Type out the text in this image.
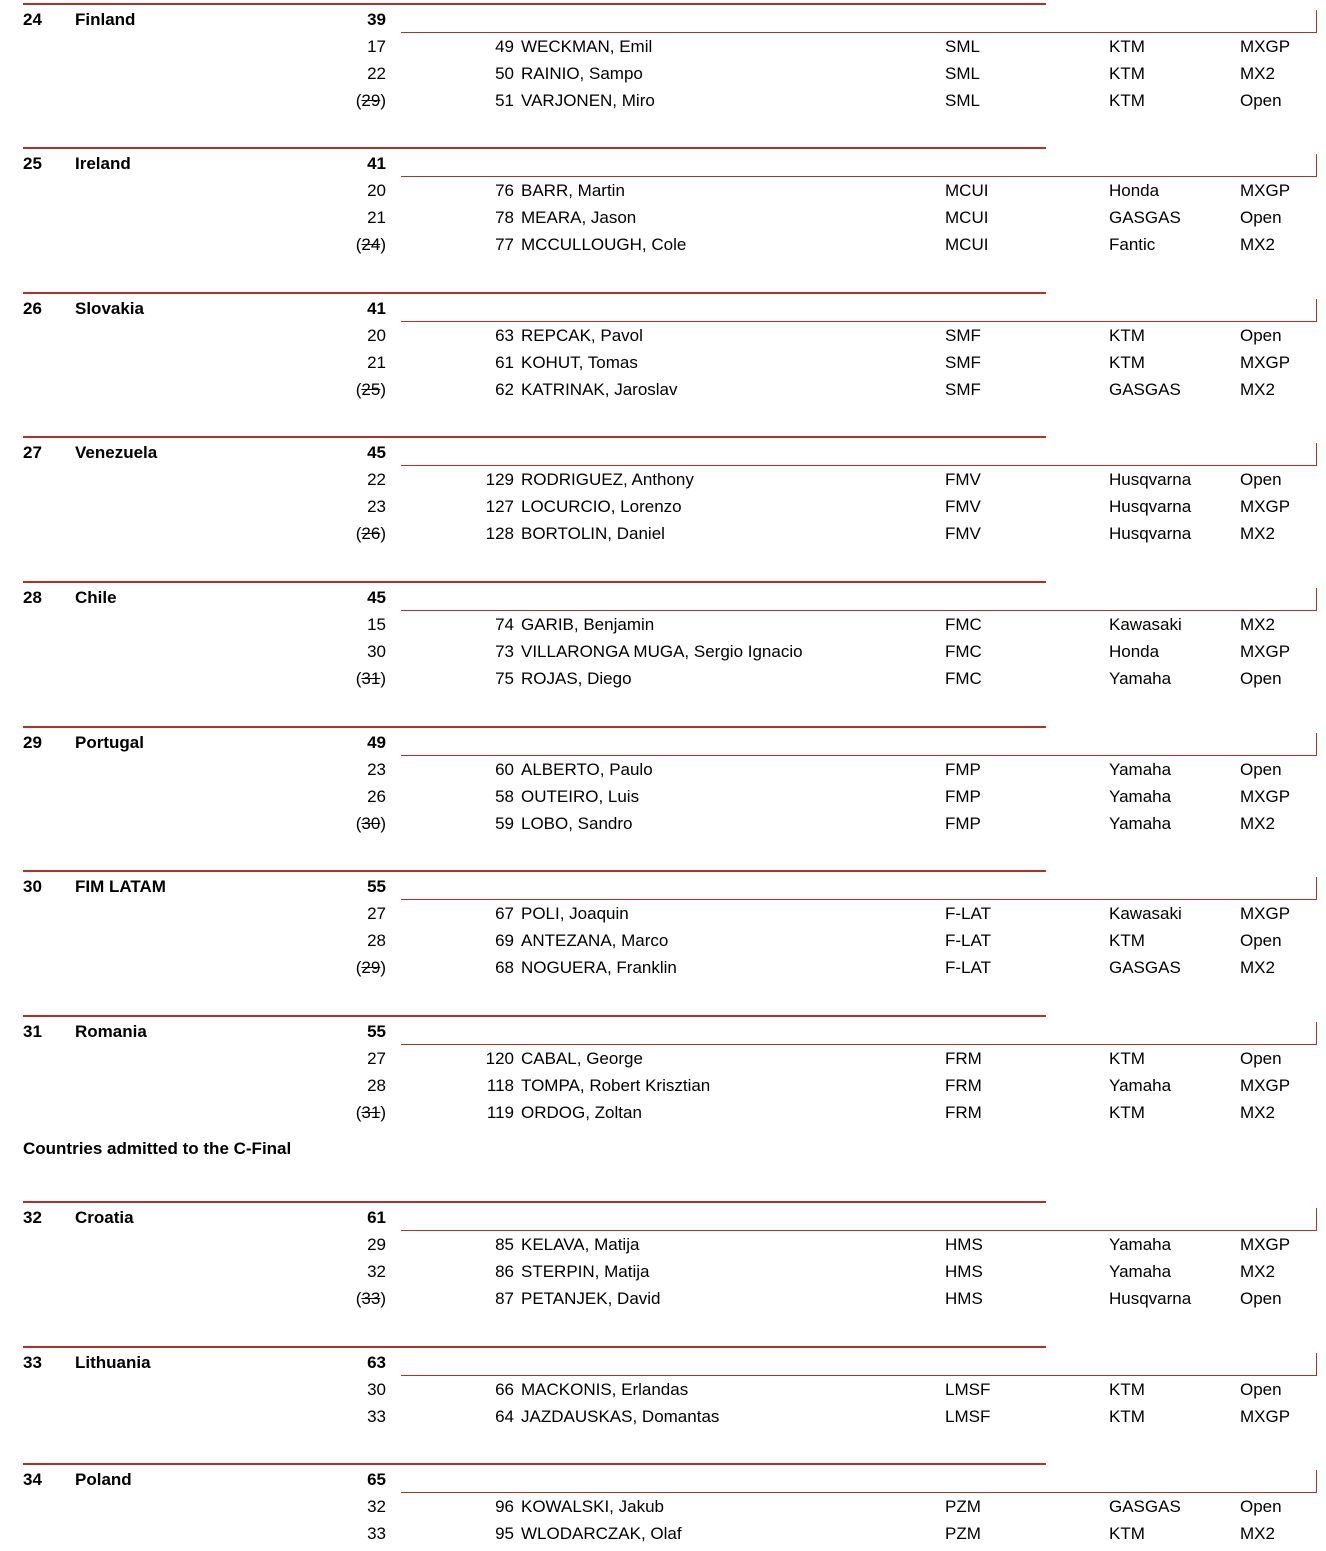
24 Finland	39
17	49 WECKMAN, Emil	SML	KTM	MXGP
22	50 RAINIO, Sampo	SML	KTM	MX2
(29)	51 VARJONEN, Miro	SML	KTM	Open
25 Ireland	41
20	76 BARR, Martin	MCUI	Honda	MXGP
21	78 MEARA, Jason	MCUI	GASGAS	Open
(24)	77 MCCULLOUGH, Cole	MCUI	Fantic	MX2
26 Slovakia	41
20	63 REPCAK, Pavol	SMF	KTM	Open
21	61 KOHUT, Tomas	SMF	KTM	MXGP
(25)	62 KATRINAK, Jaroslav	SMF	GASGAS	MX2
27 Venezuela	45
22	129 RODRIGUEZ, Anthony	FMV	Husqvarna	Open
23	127 LOCURCIO, Lorenzo	FMV	Husqvarna	MXGP
(26)	128 BORTOLIN, Daniel	FMV	Husqvarna	MX2
28 Chile	45
15	74 GARIB, Benjamin	FMC	Kawasaki	MX2
30	73 VILLARONGA MUGA, Sergio Ignacio	FMC	Honda	MXGP
(31)	75 ROJAS, Diego	FMC	Yamaha	Open
29 Portugal	49
23	60 ALBERTO, Paulo	FMP	Yamaha	Open
26	58 OUTEIRO, Luis	FMP	Yamaha	MXGP
(30)	59 LOBO, Sandro	FMP	Yamaha	MX2
30 FIM LATAM	55
27	67 POLI, Joaquin	F-LAT	Kawasaki	MXGP
28	69 ANTEZANA, Marco	F-LAT	KTM	Open
(29)	68 NOGUERA, Franklin	F-LAT	GASGAS	MX2
31 Romania	55
27	120 CABAL, George	FRM	KTM	Open
28	118 TOMPA, Robert Krisztian	FRM	Yamaha	MXGP
(31)	119 ORDOG, Zoltan	FRM	KTM	MX2
32 Croatia	61
29	85 KELAVA, Matija	HMS	Yamaha	MXGP
32	86 STERPIN, Matija	HMS	Yamaha	MX2
(33)	87 PETANJEK, David	HMS	Husqvarna	Open
33 Lithuania	63
30	66 MACKONIS, Erlandas	LMSF	KTM	Open
33	64 JAZDAUSKAS, Domantas	LMSF	KTM	MXGP
34 Poland	65
32	96 KOWALSKI, Jakub	PZM	GASGAS	Open
33	95 WLODARCZAK, Olaf	PZM	KTM	MX2
Countries admitted to the C-Final
